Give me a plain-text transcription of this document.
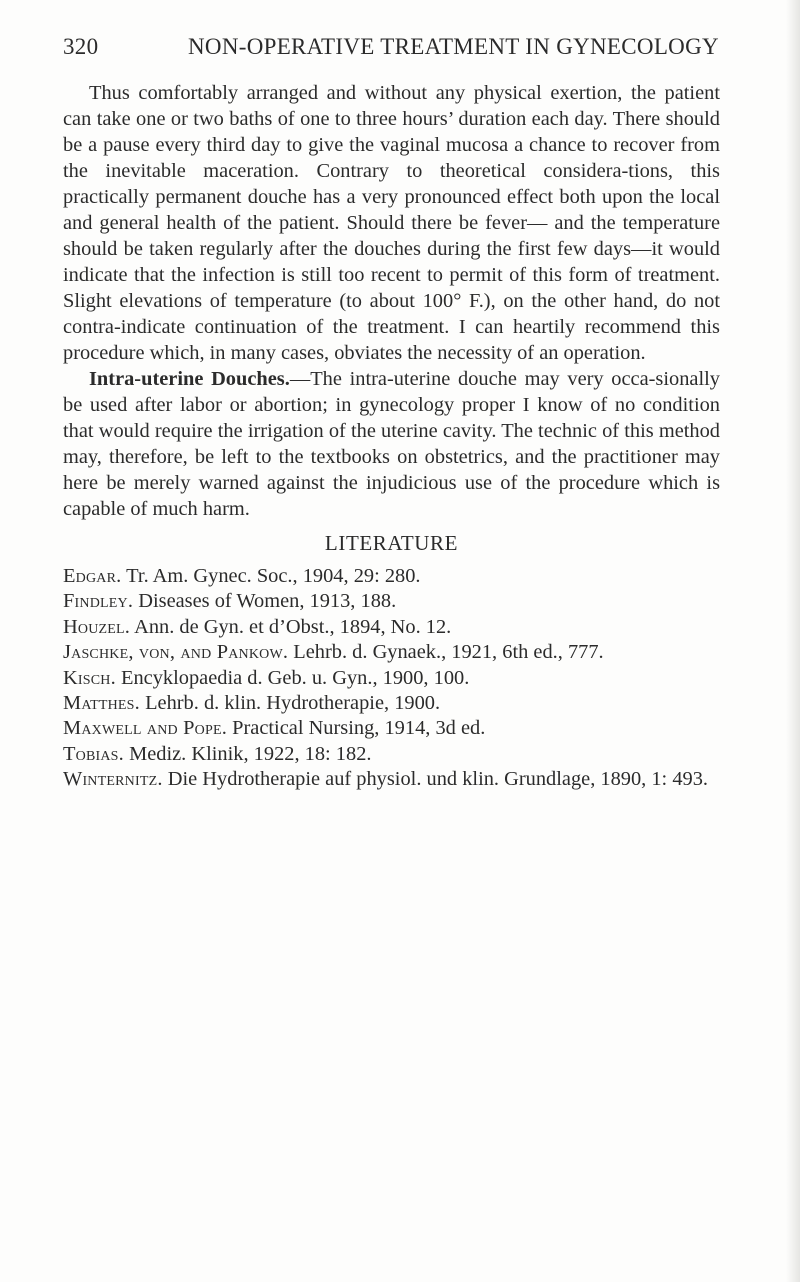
320	NON-OPERATIVE TREATMENT IN GYNECOLOGY

Thus comfortably arranged and without any physical exertion, the patient can take one or two baths of one to three hours’ duration each day. There should be a pause every third day to give the vaginal mucosa a chance to recover from the inevitable maceration. Contrary to theoretical considera-tions, this practically permanent douche has a very pronounced effect both upon the local and general health of the patient. Should there be fever— and the temperature should be taken regularly after the douches during the first few days—it would indicate that the infection is still too recent to permit of this form of treatment. Slight elevations of temperature (to about 100° F.), on the other hand, do not contra-indicate continuation of the treatment. I can heartily recommend this procedure which, in many cases, obviates the necessity of an operation.

Intra-uterine Douches.—The intra-uterine douche may very occa-sionally be used after labor or abortion; in gynecology proper I know of no condition that would require the irrigation of the uterine cavity. The technic of this method may, therefore, be left to the textbooks on obstetrics, and the practitioner may here be merely warned against the injudicious use of the procedure which is capable of much harm.

LITERATURE
Edgar. Tr. Am. Gynec. Soc., 1904, 29: 280.
Findley. Diseases of Women, 1913, 188.
Houzel. Ann. de Gyn. et d’Obst., 1894, No. 12.
Jaschke, von, and Pankow. Lehrb. d. Gynaek., 1921, 6th ed., 777.
Kisch. Encyklopaedia d. Geb. u. Gyn., 1900, 100.
Matthes. Lehrb. d. klin. Hydrotherapie, 1900.
Maxwell and Pope. Practical Nursing, 1914, 3d ed.
Tobias. Mediz. Klinik, 1922, 18: 182.
Winternitz. Die Hydrotherapie auf physiol. und klin. Grundlage, 1890, 1: 493.
